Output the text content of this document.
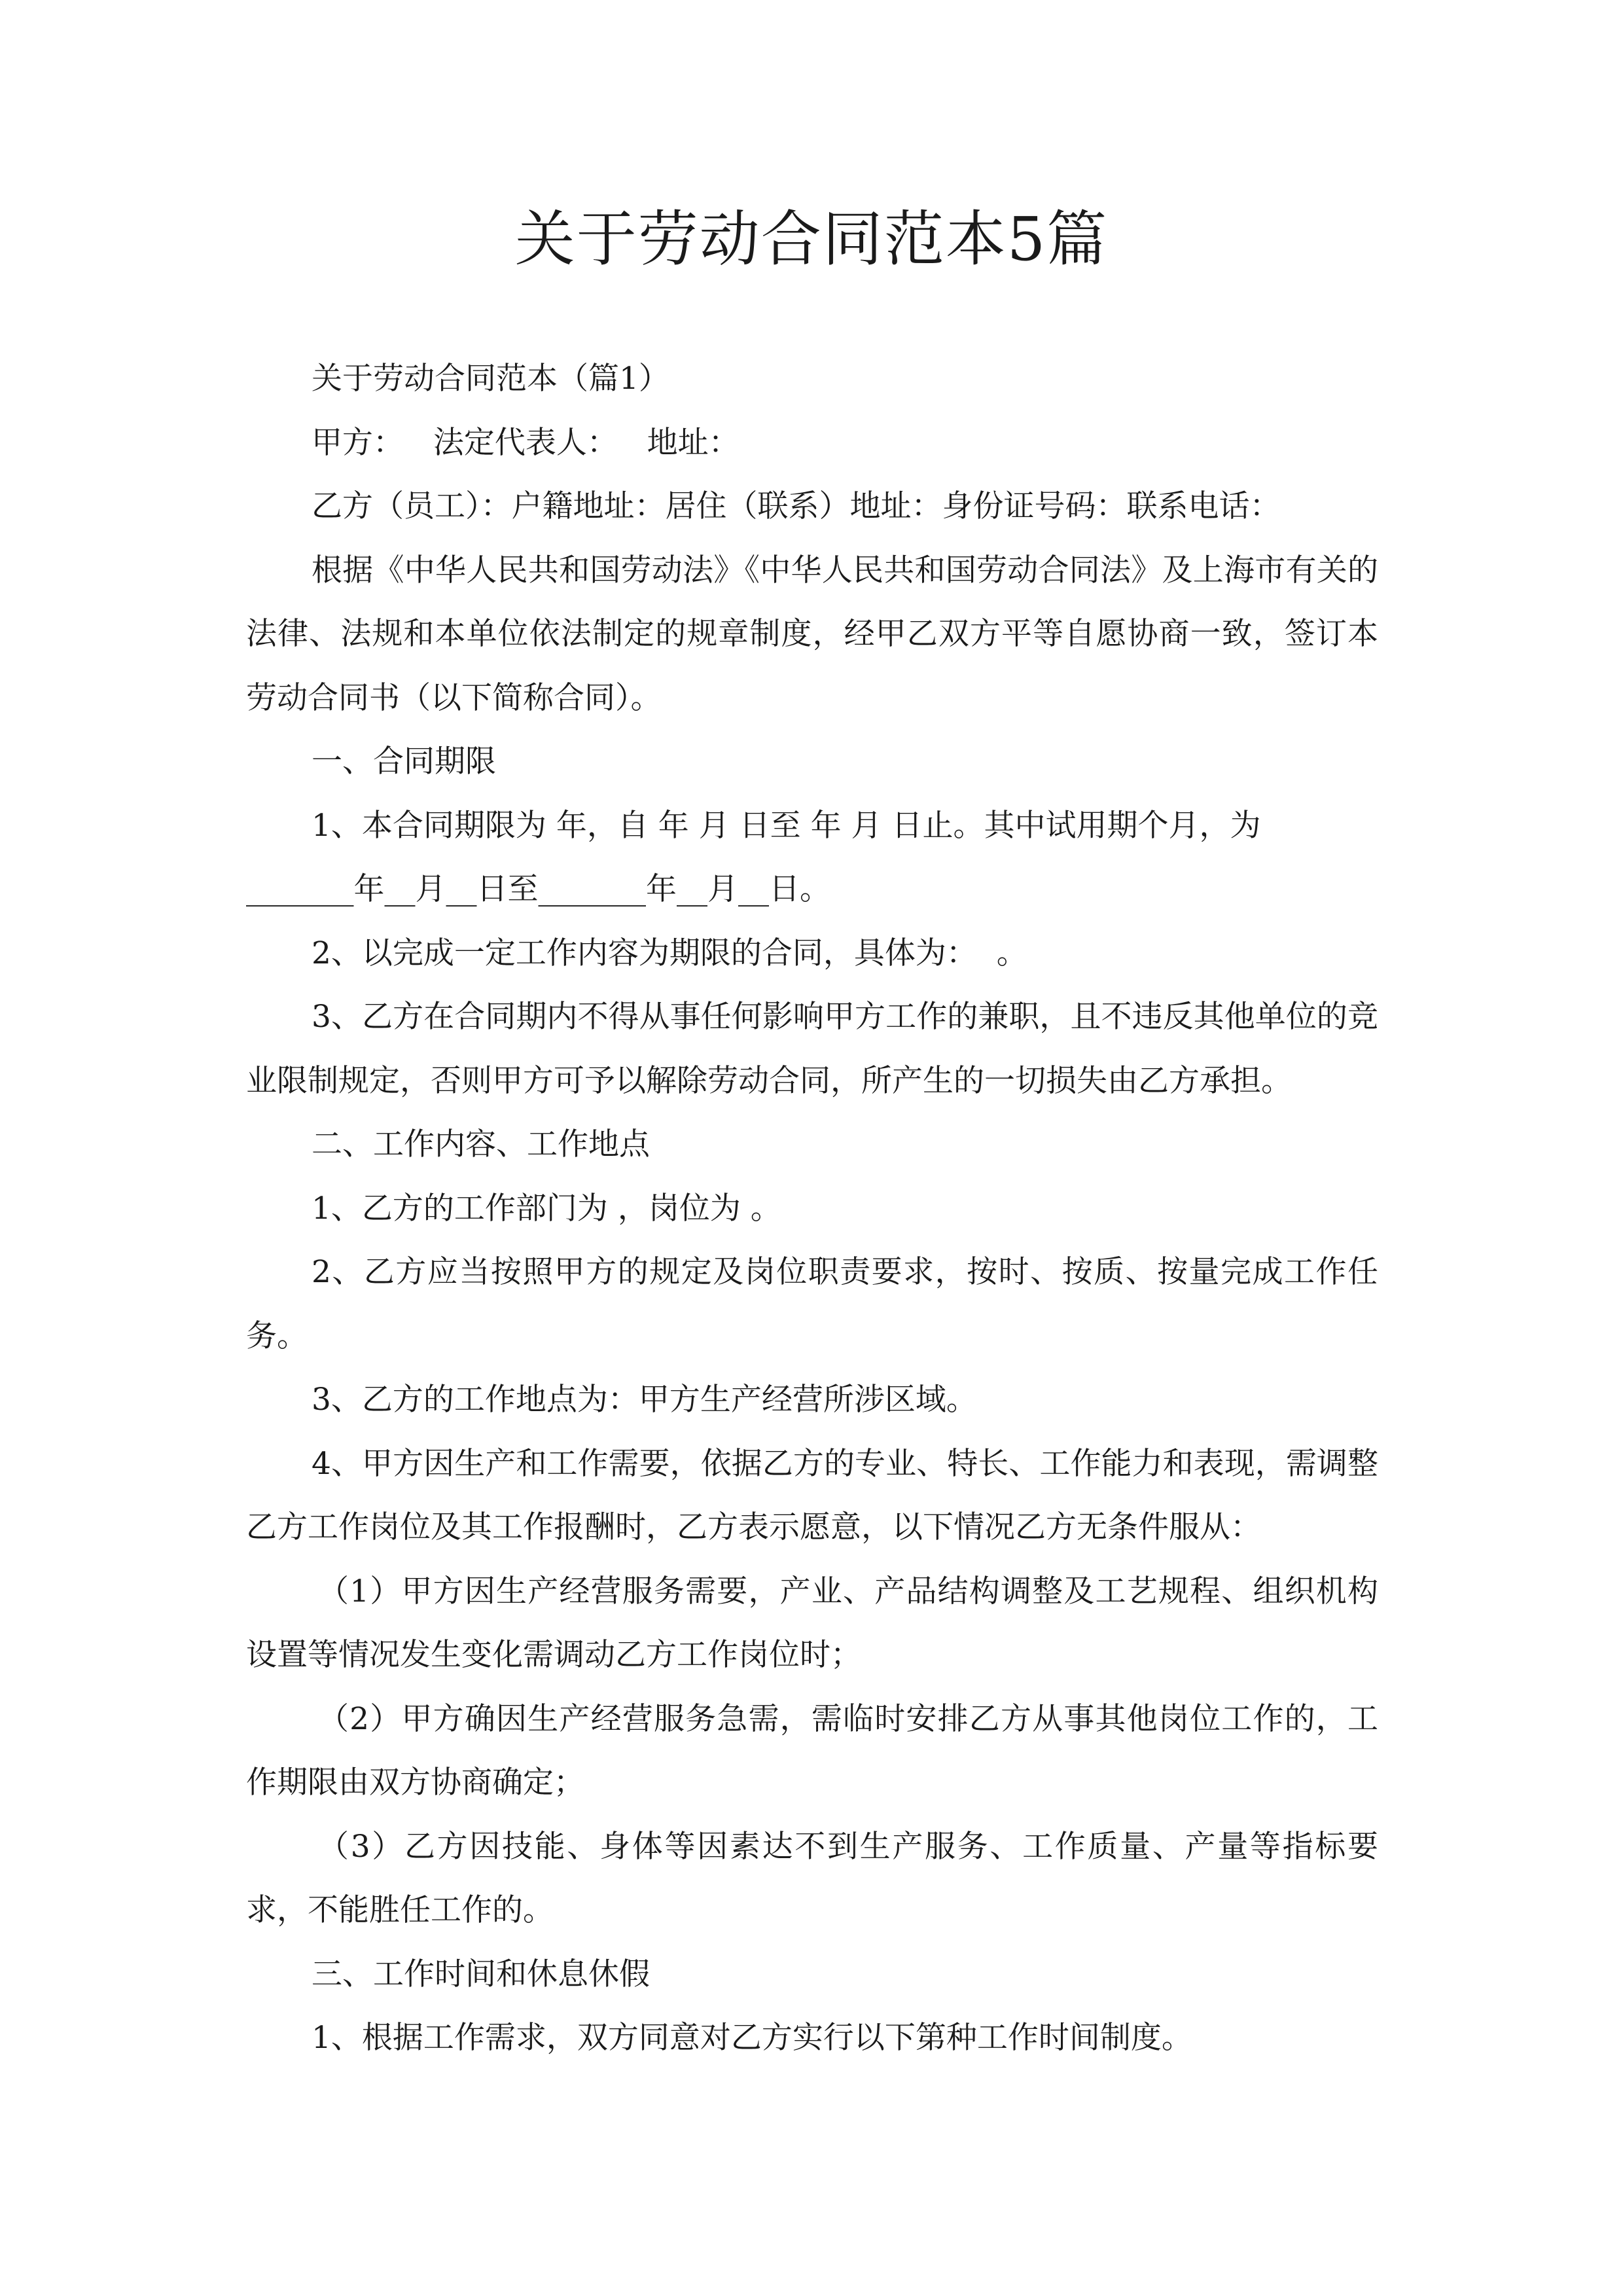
关于劳动合同范本5篇

关于劳动合同范本（篇1）

甲方：   法定代表人：   地址：

乙方（员工）：户籍地址：居住（联系）地址：身份证号码：联系电话：

根据《中华人民共和国劳动法》《中华人民共和国劳动合同法》及上海市有关的法律、法规和本单位依法制定的规章制度，经甲乙双方平等自愿协商一致，签订本劳动合同书（以下简称合同）。

一、合同期限

1、本合同期限为 年，自 年 月 日至 年 月 日止。其中试用期个月，为
_______年__月__日至_______年__月__日。

2、以完成一定工作内容为期限的合同，具体为：  。

3、乙方在合同期内不得从事任何影响甲方工作的兼职，且不违反其他单位的竞业限制规定，否则甲方可予以解除劳动合同，所产生的一切损失由乙方承担。

二、工作内容、工作地点

1、乙方的工作部门为 ，岗位为 。

2、乙方应当按照甲方的规定及岗位职责要求，按时、按质、按量完成工作任务。

3、乙方的工作地点为：甲方生产经营所涉区域。

4、甲方因生产和工作需要，依据乙方的专业、特长、工作能力和表现，需调整乙方工作岗位及其工作报酬时，乙方表示愿意，以下情况乙方无条件服从：

（1）甲方因生产经营服务需要，产业、产品结构调整及工艺规程、组织机构设置等情况发生变化需调动乙方工作岗位时；

（2）甲方确因生产经营服务急需，需临时安排乙方从事其他岗位工作的，工作期限由双方协商确定；

（3）乙方因技能、身体等因素达不到生产服务、工作质量、产量等指标要求，不能胜任工作的。

三、工作时间和休息休假

1、根据工作需求，双方同意对乙方实行以下第种工作时间制度。
